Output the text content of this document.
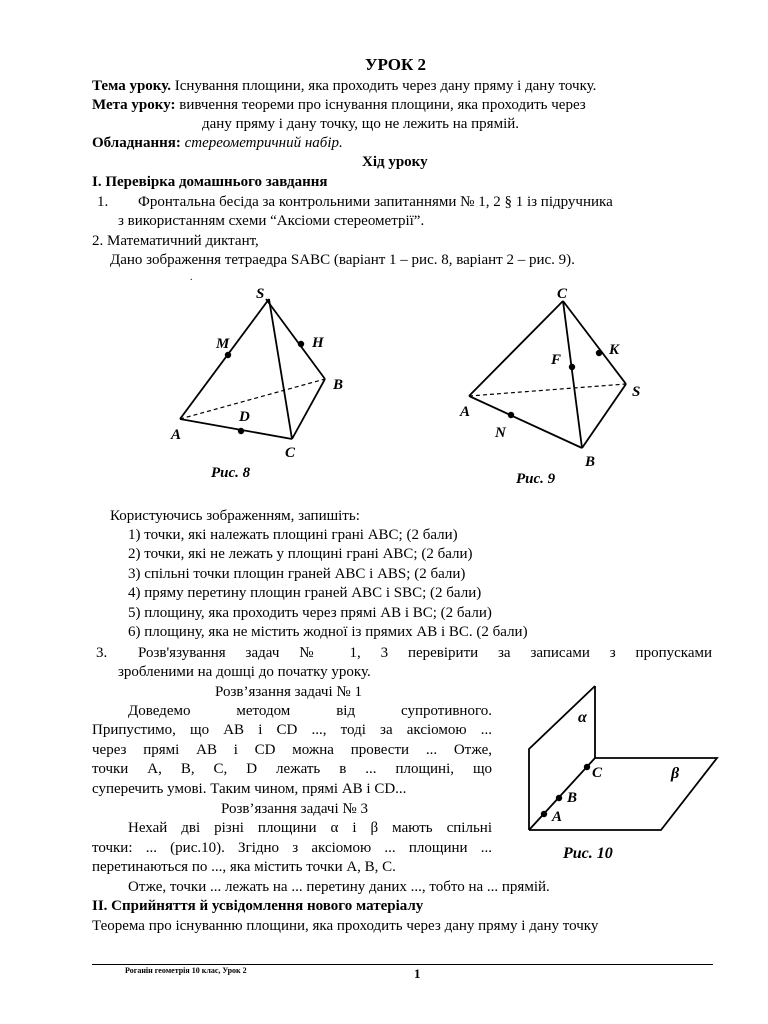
УРОК 2
Тема уроку. Існування площини, яка проходить через дану пряму і дану точку.
Мета уроку: вивчення теореми про існування площини, яка проходить через
дану пряму і дану точку, що не лежить на прямій.
Обладнання: стереометричний набір.
Хід уроку
І. Перевірка домашнього завдання
1. Фронтальна бесіда за контрольними запитаннями № 1, 2 § 1 із підручника
з використанням схеми “Аксіоми стереометрії”.
2. Математичний диктант,
Дано зображення тетраедра SABC (варіант 1 – рис. 8, варіант 2 – рис. 9).
.
S
M	H
B
A
D
C
Рис. 8
C
F
K
S
A
N
B
Рис. 9
Користуючись зображенням, запишіть:
1) точки, які належать площині грані ABC; (2 бали)
2) точки, які не лежать у площині грані ABC; (2 бали)
3) спільні точки площин граней ABC і ABS; (2 бали)
4) пряму перетину площин граней ABC і SBC; (2 бали)
5) площину, яка проходить через прямі AB і BC; (2 бали)
6) площину, яка не містить жодної із прямих AB і BC. (2 бали)
3. Розв'язування задач № 1, 3 перевірити за записами з пропусками
зробленими на дошці до початку уроку.
Розв’язання задачі № 1
Доведемо методом від супротивного.
Припустимо, що AB і CD ..., тоді за аксіомою ...
через прямі AB і CD можна провести ... Отже,
точки A, B, C, D лежать в ... площині, що
суперечить умові. Таким чином, прямі AB і CD...
Розв’язання задачі № 3
Нехай дві різні площини α і β мають спільні
точки: ... (рис.10). Згідно з аксіомою ... площини ...
перетинаються по ..., яка містить точки A, B, C.
Отже, точки ... лежать на ... перетину даних ..., тобто на ... прямій.
α
β
A
B
C
Рис. 10
ІІ. Сприйняття й усвідомлення нового матеріалу
Теорема про існуванню площини, яка проходить через дану пряму і дану точку
Роганін геометрія 10 клас, Урок 2	1
